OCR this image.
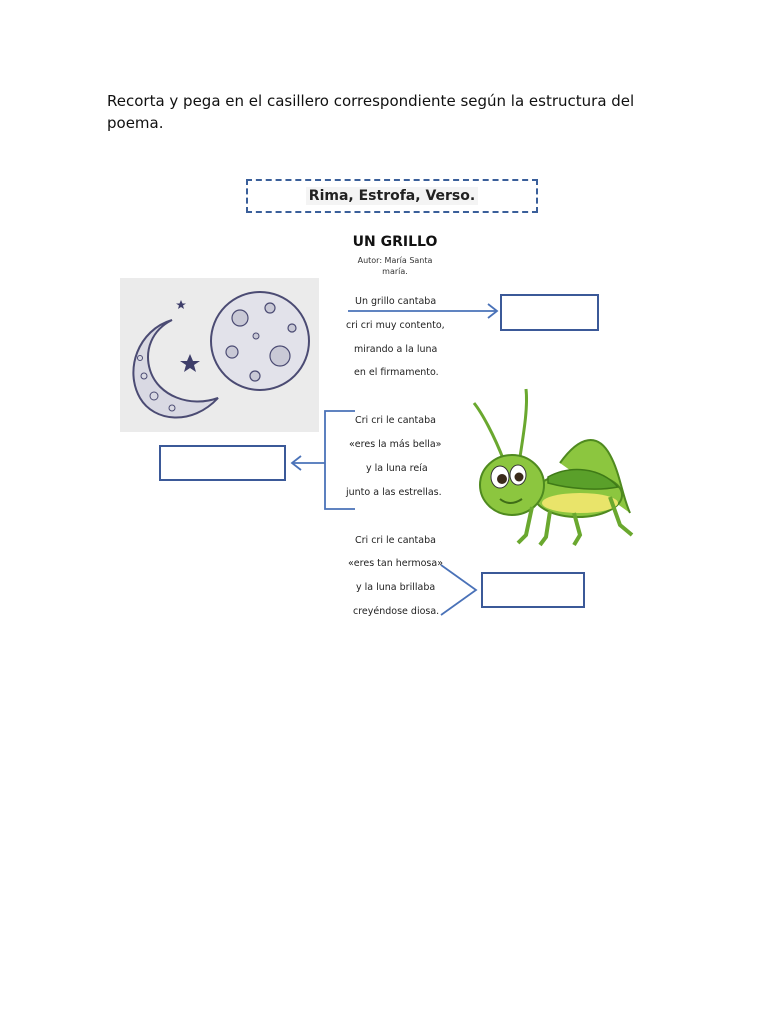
Recorta y pega en el casillero correspondiente según la estructura del poema.
Rima, Estrofa, Verso.
UN GRILLO
Autor: María Santa maría.
Un grillo cantaba
cri cri muy contento,
mirando a la luna
en el firmamento.
Cri cri le cantaba
«eres la más bella»
y la luna reía
junto a las estrellas.
Cri cri le cantaba
«eres tan hermosa»
y la luna brillaba
creyéndose diosa.
